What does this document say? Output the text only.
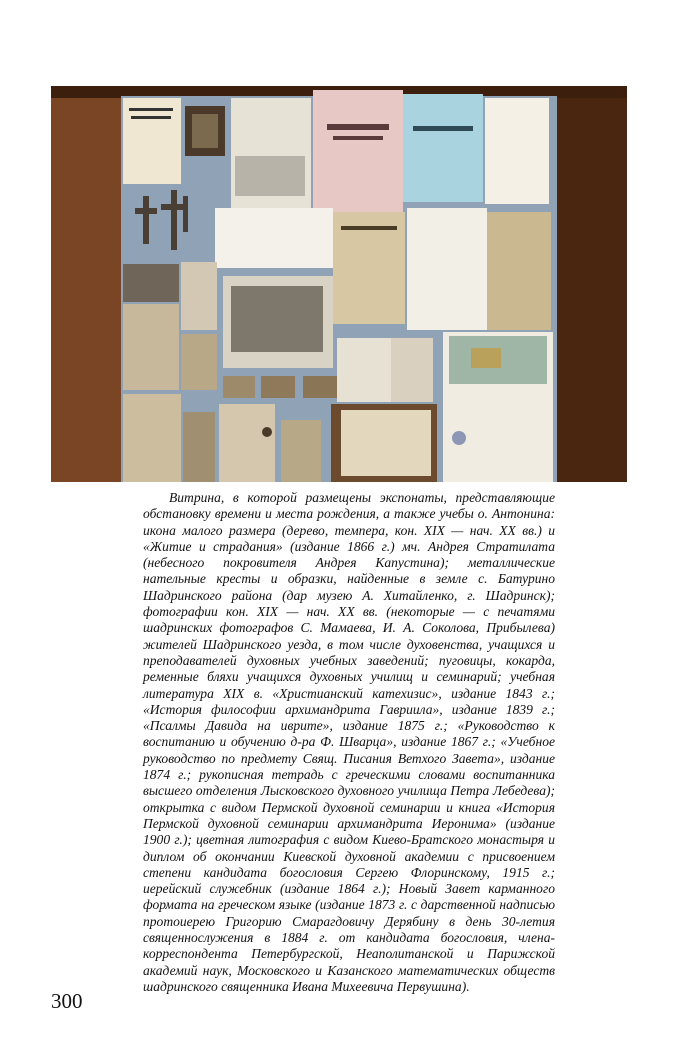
Витрина, в которой размещены экспонаты, представляющие обстановку времени и места рождения, а также учебы о. Антонина: икона малого размера (дерево, темпера, кон. XIX — нач. XX вв.) и «Житие и страдания» (издание 1866 г.) мч. Андрея Стратилата (небесного покровителя Андрея Капустина); металлические нательные кресты и образки, найденные в земле с. Батурино Шадринского района (дар музею А. Хитайленко, г. Шадринск); фотографии кон. XIX — нач. XX вв. (некоторые — с печатями шадринских фотографов С. Мамаева, И. А. Соколова, Прибылева) жителей Шадринского уезда, в том числе духовенства, учащихся и преподавателей духовных учебных заведений; пуговицы, кокарда, ременные бляхи учащихся духовных училищ и семинарий; учебная литература XIX в. «Христианский катехизис», издание 1843 г.; «История философии архимандрита Гавриила», издание 1839 г.; «Псалмы Давида на иврите», издание 1875 г.; «Руководство к воспитанию и обучению д-ра Ф. Шварца», издание 1867 г.; «Учебное руководство по предмету Свящ. Писания Ветхого Завета», издание 1874 г.; рукописная тетрадь с греческими словами воспитанника высшего отделения Лысковского духовного училища Петра Лебедева); открытка с видом Пермской духовной семинарии и книга «История Пермской духовной семинарии архимандрита Иеронима» (издание 1900 г.); цветная литография с видом Киево-Братского монастыря и диплом об окончании Киевской духовной академии с присвоением степени кандидата богословия Сергею Флоринскому, 1915 г.; иерейский служебник (издание 1864 г.); Новый Завет карманного формата на греческом языке (издание 1873 г. с дарственной надписью протоиерею Григорию Смарагдовичу Дерябину в день 30-летия священнослужения в 1884 г. от кандидата богословия, члена-корреспондента Петербургской, Неаполитанской и Парижской академий наук, Московского и Казанского математических обществ шадринского священника Ивана Михеевича Первушина).

300
